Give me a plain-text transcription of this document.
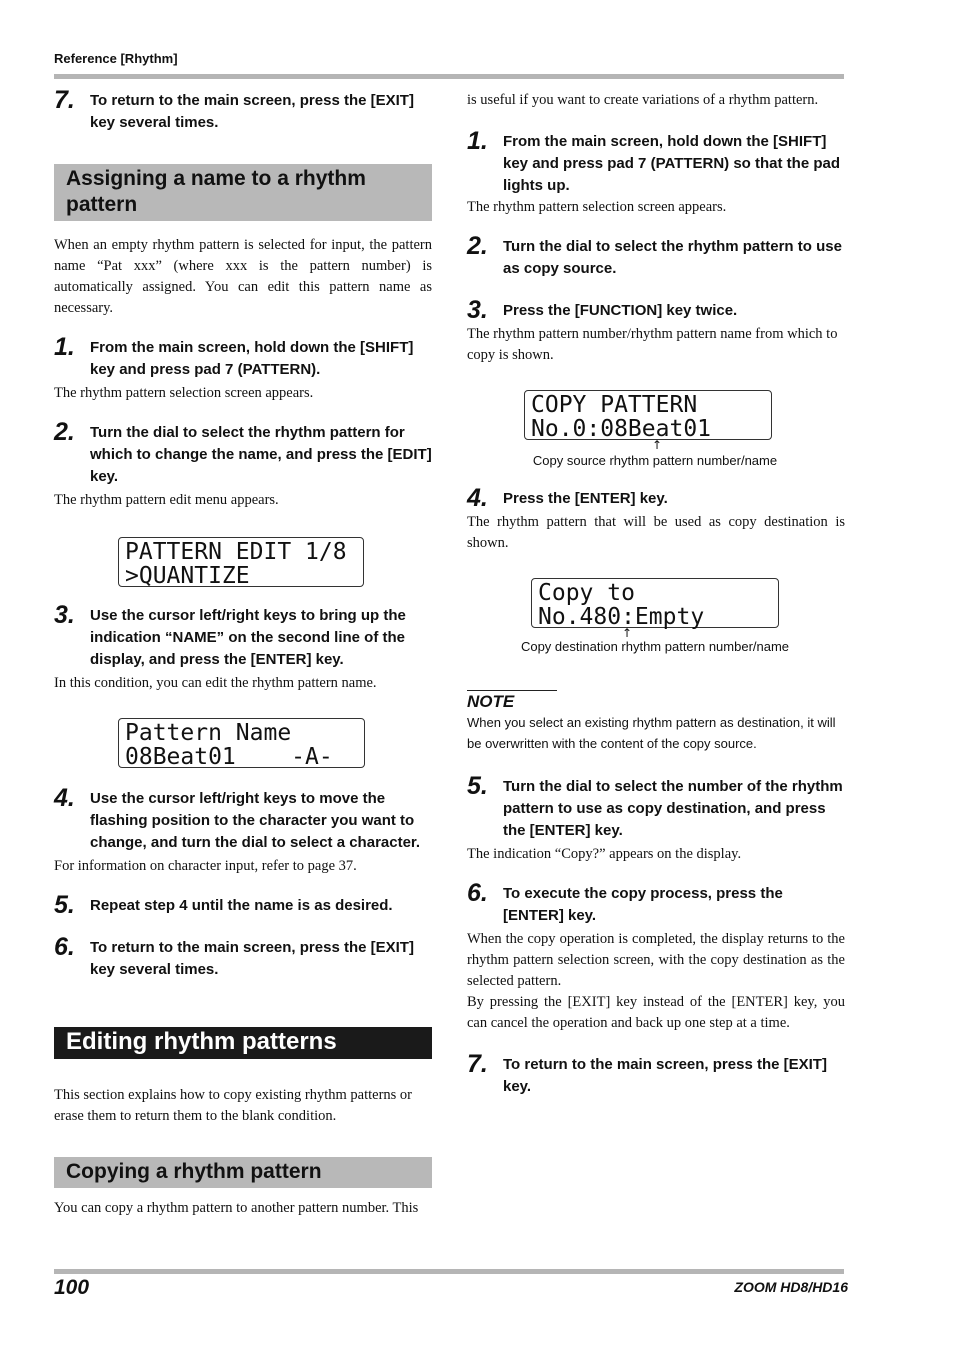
Reference [Rhythm]
7.	To return to the main screen, press the [EXIT] key several times.
Assigning a name to a rhythm pattern
When an empty rhythm pattern is selected for input, the pattern name “Pat xxx” (where xxx is the pattern number) is automatically assigned. You can edit this pattern name as necessary.
1.	From the main screen, hold down the [SHIFT] key and press pad 7 (PATTERN).
The rhythm pattern selection screen appears.
2.	Turn the dial to select the rhythm pattern for which to change the name, and press the [EDIT] key.
The rhythm pattern edit menu appears.
PATTERN EDIT 1/8
>QUANTIZE
3.	Use the cursor left/right keys to bring up the indication “NAME” on the second line of the display, and press the [ENTER] key.
In this condition, you can edit the rhythm pattern name.
Pattern Name
08Beat01    -A-
4.	Use the cursor left/right keys to move the flashing position to the character you want to change, and turn the dial to select a character.
For information on character input, refer to page 37.
5.	Repeat step 4 until the name is as desired.
6.	To return to the main screen, press the [EXIT] key several times.
Editing rhythm patterns
This section explains how to copy existing rhythm patterns or erase them to return them to the blank condition.
Copying a rhythm pattern
You can copy a rhythm pattern to another pattern number. This
is useful if you want to create variations of a rhythm pattern.
1.	From the main screen, hold down the [SHIFT] key and press pad 7 (PATTERN) so that the pad lights up.
The rhythm pattern selection screen appears.
2.	Turn the dial to select the rhythm pattern to use as copy source.
3.	Press the [FUNCTION] key twice.
The rhythm pattern number/rhythm pattern name from which to copy is shown.
COPY PATTERN
No.0:08Beat01
↑
Copy source rhythm pattern number/name
4.	Press the [ENTER] key.
The rhythm pattern that will be used as copy destination is shown.
Copy to
No.480:Empty
↑
Copy destination rhythm pattern number/name
NOTE
When you select an existing rhythm pattern as destination, it will be overwritten with the content of the copy source.
5.	Turn the dial to select the number of the rhythm pattern to use as copy destination, and press the [ENTER] key.
The indication “Copy?” appears on the display.
6.	To execute the copy process, press the [ENTER] key.
When the copy operation is completed, the display returns to the rhythm pattern selection screen, with the copy destination as the selected pattern.
By pressing the [EXIT] key instead of the [ENTER] key, you can cancel the operation and back up one step at a time.
7.	To return to the main screen, press the [EXIT] key.
100	ZOOM HD8/HD16
